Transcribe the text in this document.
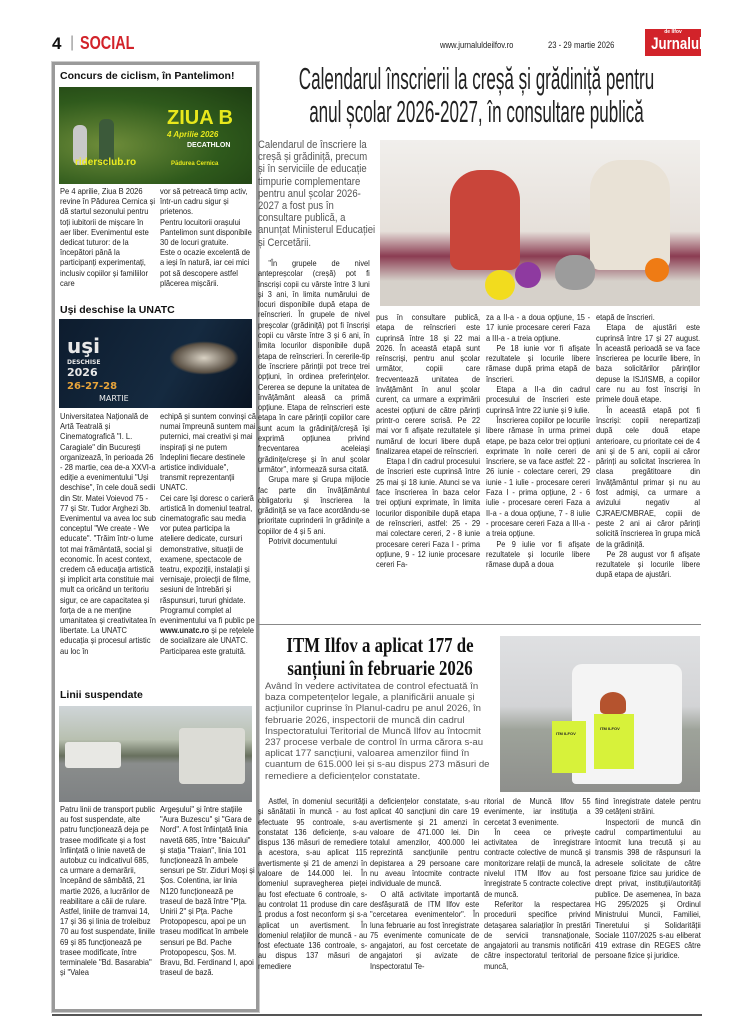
4 | SOCIAL	www.jurnaluldeilfov.ro	23 - 29 martie 2026
de Ilfov
Jurnalul
Concurs de ciclism, în Pantelimon!
ZIUA B
4 Aprilie 2026
DECATHLON
ridersclub.ro	Pădurea Cernica

Pe 4 aprilie, Ziua B 2026 revine în Pădurea Cernica și dă startul sezonului pentru toți iubitorii de mișcare în aer liber. Evenimentul este dedicat tuturor: de la începători până la participanți experimentați, inclusiv copiilor și familiilor care

vor să petreacă timp activ, într-un cadru sigur și prietenos.

Pentru locuitorii orașului Pantelimon sunt disponibile 30 de locuri gratuite.

Este o ocazie excelentă de a ieși în natură, iar cei mici pot să descopere astfel plăcerea mișcării.

Uşi deschise la UNATC
uşi
DESCHISE
2026
26-27-28
MARTIE

Universitatea Națională de Artă Teatrală și Cinematografică "I. L. Caragiale" din București organizează, în perioada 26 - 28 martie, cea de-a XXVI-a ediție a evenimentului "Uși deschise", în cele două sedii din Str. Matei Voievod 75 - 77 și Str. Tudor Arghezi 3b. Evenimentul va avea loc sub conceptul "We create - We educate". "Trăim într-o lume tot mai frământată, social și economic. În acest context, credem că educația artistică și implicit arta constituie mai mult ca oricând un teritoriu sigur, ce are capacitatea și forța de a ne menține umanitatea și creativitatea în libertate. La UNATC educația și procesul artistic au loc în

echipă și suntem convinși că numai împreună suntem mai puternici, mai creativi și mai inspirați și ne putem îndeplini fiecare destinele artistice individuale", transmit reprezentanții UNATC.

Cei care își doresc o carieră artistică în domeniul teatral, cinematografic sau media vor putea participa la ateliere dedicate, cursuri demonstrative, situații de examene, spectacole de teatru, expoziții, instalații și vernisaje, proiecții de filme, sesiuni de întrebări și răspunsuri, tururi ghidate.

Programul complet al evenimentului va fi public pe www.unatc.ro și pe rețelele de socializare ale UNATC. Participarea este gratuită.

Linii suspendate

Patru linii de transport public au fost suspendate, alte patru funcționează deja pe trasee modificate și a fost înființată o linie navetă de autobuz cu indicativul 685, ca urmare a demarării, începând de sâmbătă, 21 martie 2026, a lucrărilor de reabilitare a căii de rulare.

Astfel, liniile de tramvai 14, 17 și 36 și linia de troleibuz 70 au fost suspendate, liniile 69 și 85 funcționează pe trasee modificate, între terminalele "Bd. Basarabia" și "Valea

Argeșului" și între stațiile "Aura Buzescu" și "Gara de Nord". A fost înființată linia navetă 685, între "Baicului" și stația "Traian", linia 101 funcționează în ambele sensuri pe Str. Ziduri Moși și Șos. Colentina, iar linia N120 funcționează pe traseul de bază între "Pța. Unirii 2" și Pța. Pache Protopopescu, apoi pe un traseu modificat în ambele sensuri pe Bd. Pache Protopopescu, Șos. M. Bravu, Bd. Ferdinand I, apoi traseul de bază.

Calendarul înscrierii la creșă și grădiniță pentru
anul școlar 2026-2027, în consultare publică
Calendarul de înscriere la creșă și grădiniță, precum și în serviciile de educație timpurie complementare pentru anul școlar 2026-2027 a fost pus în consultare publică, a anunțat Ministerul Educației și Cercetării.

"În grupele de nivel antepreșcolar (creșă) pot fi înscriși copii cu vârste între 3 luni și 3 ani, în limita numărului de locuri disponibile după etapa de reînscrieri. În grupele de nivel preșcolar (grădiniță) pot fi înscriși copii cu vârste între 3 și 6 ani, în limita locurilor disponibile după etapa de reînscrieri. În cererile-tip de înscriere părinții pot trece trei opțiuni, în ordinea preferințelor. Cererea se depune la unitatea de învățământ aleasă ca primă opțiune. Etapa de reînscrieri este etapa în care părinții copiilor care sunt acum la grădiniță/creșă își exprimă opțiunea privind frecventarea aceleiași grădinițe/creșe și în anul școlar următor", informează sursa citată.

Grupa mare și Grupa mijlocie fac parte din învățământul obligatoriu și înscrierea la grădiniță se va face acordându-se prioritate cuprinderii în grădinițe a copiilor de 4 și 5 ani.

Potrivit documentului

pus în consultare publică, etapa de reînscrieri este cuprinsă între 18 și 22 mai 2026. În această etapă sunt reînscriși, pentru anul școlar următor, copiii care frecventează unitatea de învățământ în anul școlar curent, ca urmare a exprimării acestei opțiuni de către părinți printr-o cerere scrisă. Pe 22 mai vor fi afișate rezultatele și numărul de locuri libere după finalizarea etapei de reînscrieri.

Etapa I din cadrul procesului de înscrieri este cuprinsă între 25 mai și 18 iunie. Atunci se va face înscrierea în baza celor trei opțiuni exprimate, în limita locurilor disponibile după etapa de reînscrieri, astfel: 25 - 29 mai colectare cereri, 2 - 8 iunie procesare cereri Faza I - prima opțiune, 9 - 12 iunie procesare cereri Fa-

za a II-a - a doua opțiune, 15 - 17 iunie procesare cereri Faza a III-a - a treia opțiune.

Pe 18 iunie vor fi afișate rezultatele și locurile libere rămase după prima etapă de înscrieri.

Etapa a II-a din cadrul procesului de înscrieri este cuprinsă între 22 iunie și 9 iulie.

Înscrierea copiilor pe locurile libere rămase în urma primei etape, pe baza celor trei opțiuni exprimate în noile cereri de înscriere, se va face astfel: 22 - 26 iunie - colectare cereri, 29 iunie - 1 iulie - procesare cereri Faza I - prima opțiune, 2 - 6 iulie - procesare cereri Faza a II-a - a doua opțiune, 7 - 8 iulie - procesare cereri Faza a III-a - a treia opțiune.

Pe 9 iulie vor fi afișate rezultatele și locurile libere rămase după a doua

etapă de înscrieri.

Etapa de ajustări este cuprinsă între 17 și 27 august. În această perioadă se va face înscrierea pe locurile libere, în baza solicitărilor părinților depuse la ISJ/ISMB, a copiilor care nu au fost înscriși în primele două etape.

În această etapă pot fi înscriși: copiii nerepartizați după cele două etape anterioare, cu prioritate cei de 4 ani și de 5 ani, copiii ai căror părinți au solicitat înscrierea în clasa pregătitoare din învățământul primar și nu au fost admiși, ca urmare a avizului negativ al CJRAE/CMBRAE, copiii de peste 2 ani ai căror părinți solicită înscrierea în grupa mică de la grădiniță.

Pe 28 august vor fi afișate rezultatele și locurile libere după etapa de ajustări.

ITM Ilfov a aplicat 177 de
sanțiuni în februarie 2026
Având în vedere activitatea de control efectuată în baza competențelor legale, a planificării anuale și acțiunilor cuprinse în Planul-cadru pe anul 2026, în februarie 2026, inspectorii de muncă din cadrul Inspectoratului Teritorial de Muncă Ilfov au întocmit 237 procese verbale de control în urma cărora s-au aplicat 177 sancțiuni, valoarea amenzilor fiind în cuantum de 615.000 lei și s-au dispus 273 măsuri de remediere a deficiențelor constatate.
ITM ILFOV
ITM ILFOV

Astfel, în domeniul securității și sănătatii în muncă - au fost efectuate 95 controale, s-au constatat 136 deficiențe, s-au dispus 136 măsuri de remediere a acestora, s-au aplicat 115 avertismente și 21 de amenzi în valoare de 144.000 lei. În domeniul supravegherea pieței au fost efectuate 6 controale, s-au controlat 11 produse din care 1 produs a fost neconform și s-a aplicat un avertisment. În domeniul relațiilor de muncă - au fost efectuate 136 controale, s-au dispus 137 măsuri de remediere

a deficiențelor constatate, s-au aplicat 40 sancțiuni din care 19 avertismente și 21 amenzi în valoare de 471.000 lei. Din totalul amenzilor, 400.000 lei reprezintă sancțiunile pentru depistarea a 29 persoane care nu aveau întocmite contracte individuale de muncă.

O altă activitate importantă desfășurată de ITM Ilfov este "cercetarea evenimentelor". În luna februarie au fost înregistrate 75 evenimente comunicate de angajatori, au fost cercetate de angajatori și avizate de Inspectoratul Te-

ritorial de Muncă Ilfov 55 evenimente, iar instituția a cercetat 3 evenimente.

În ceea ce privește activitatea de înregistrare contracte colective de muncă și monitorizare relații de muncă, la nivelul ITM Ilfov au fost înregistrate 5 contracte colective de muncă.

Referitor la respectarea procedurii specifice privind detașarea salariaților în prestări de servicii transnaționale, angajatorii au transmis notificări către inspectoratul teritorial de muncă,

fiind înregistrate datele pentru 39 cetățeni străini.

Inspectorii de muncă din cadrul compartimentului au întocmit luna trecută și au transmis 398 de răspunsuri la adresele solicitate de către persoane fizice sau juridice de drept privat, instituții/autorități publice. De asemenea, în baza HG 295/2025 și Ordinul Ministrului Muncii, Familiei, Tineretului și Solidarității Sociale 1107/2025 s-au eliberat 419 extrase din REGES către persoane fizice și juridice.
